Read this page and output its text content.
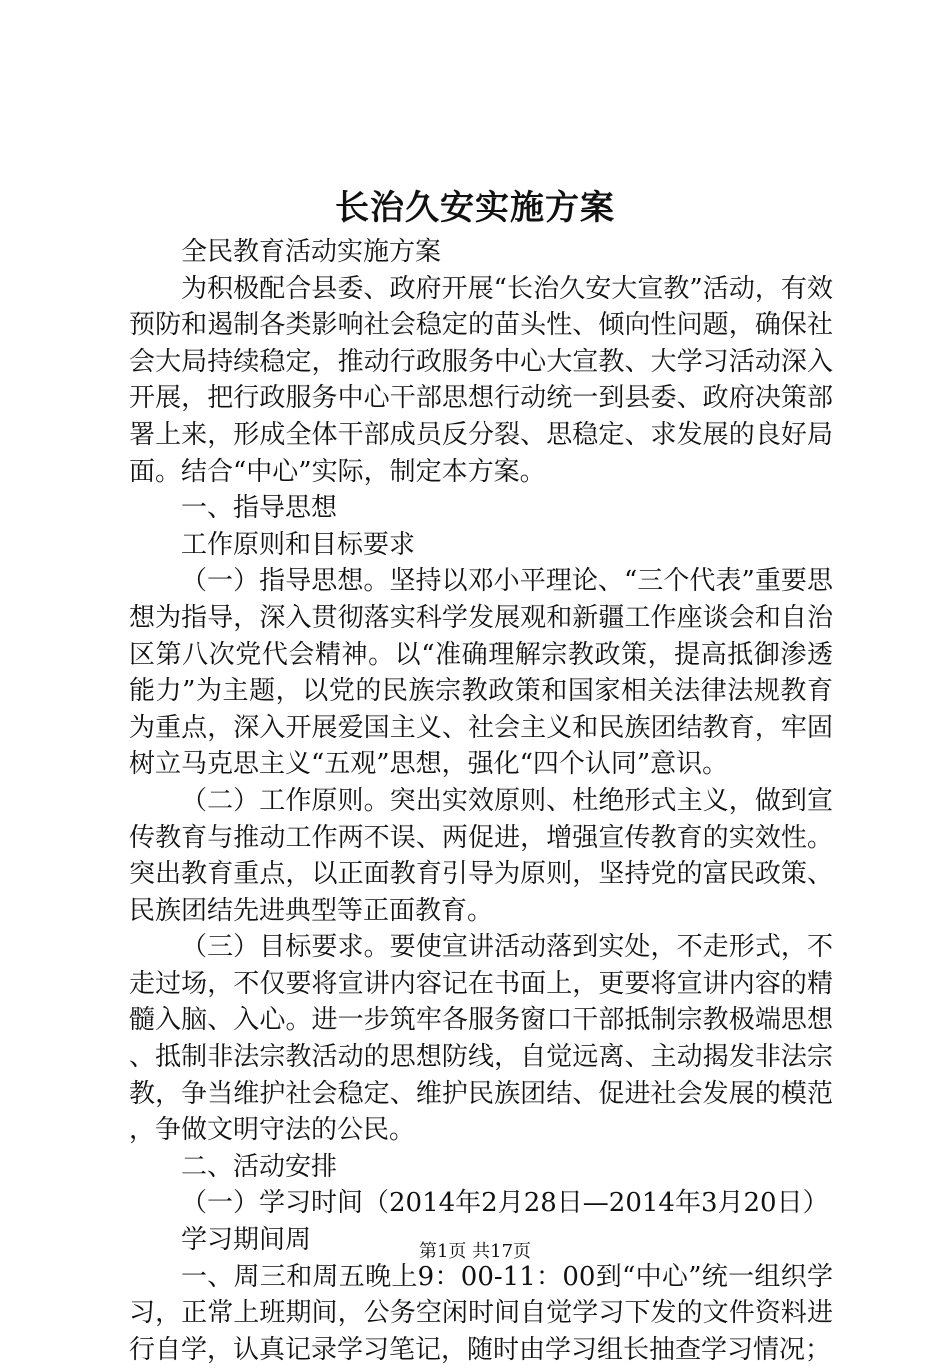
长治久安实施方案

全民教育活动实施方案

为积极配合县委、政府开展“长治久安大宣教”活动，有效预防和遏制各类影响社会稳定的苗头性、倾向性问题，确保社会大局持续稳定，推动行政服务中心大宣教、大学习活动深入开展，把行政服务中心干部思想行动统一到县委、政府决策部署上来，形成全体干部成员反分裂、思稳定、求发展的良好局面。结合“中心”实际，制定本方案。

一、指导思想

工作原则和目标要求

（一）指导思想。坚持以邓小平理论、“三个代表”重要思想为指导，深入贯彻落实科学发展观和新疆工作座谈会和自治区第八次党代会精神。以“准确理解宗教政策，提高抵御渗透能力”为主题，以党的民族宗教政策和国家相关法律法规教育为重点，深入开展爱国主义、社会主义和民族团结教育，牢固树立马克思主义“五观”思想，强化“四个认同”意识。

（二）工作原则。突出实效原则、杜绝形式主义，做到宣传教育与推动工作两不误、两促进，增强宣传教育的实效性。突出教育重点，以正面教育引导为原则，坚持党的富民政策、民族团结先进典型等正面教育。

（三）目标要求。要使宣讲活动落到实处，不走形式，不走过场，不仅要将宣讲内容记在书面上，更要将宣讲内容的精髓入脑、入心。进一步筑牢各服务窗口干部抵制宗教极端思想、抵制非法宗教活动的思想防线，自觉远离、主动揭发非法宗教，争当维护社会稳定、维护民族团结、促进社会发展的模范，争做文明守法的公民。

二、活动安排

（一）学习时间（2014年2月28日—2014年3月20日）

学习期间周

一、周三和周五晚上9：00-11：00到“中心”统一组织学习，正常上班期间，公务空闲时间自觉学习下发的文件资料进行自学，认真记录学习笔记，随时由学习组长抽查学习情况；

第1页 共17页
